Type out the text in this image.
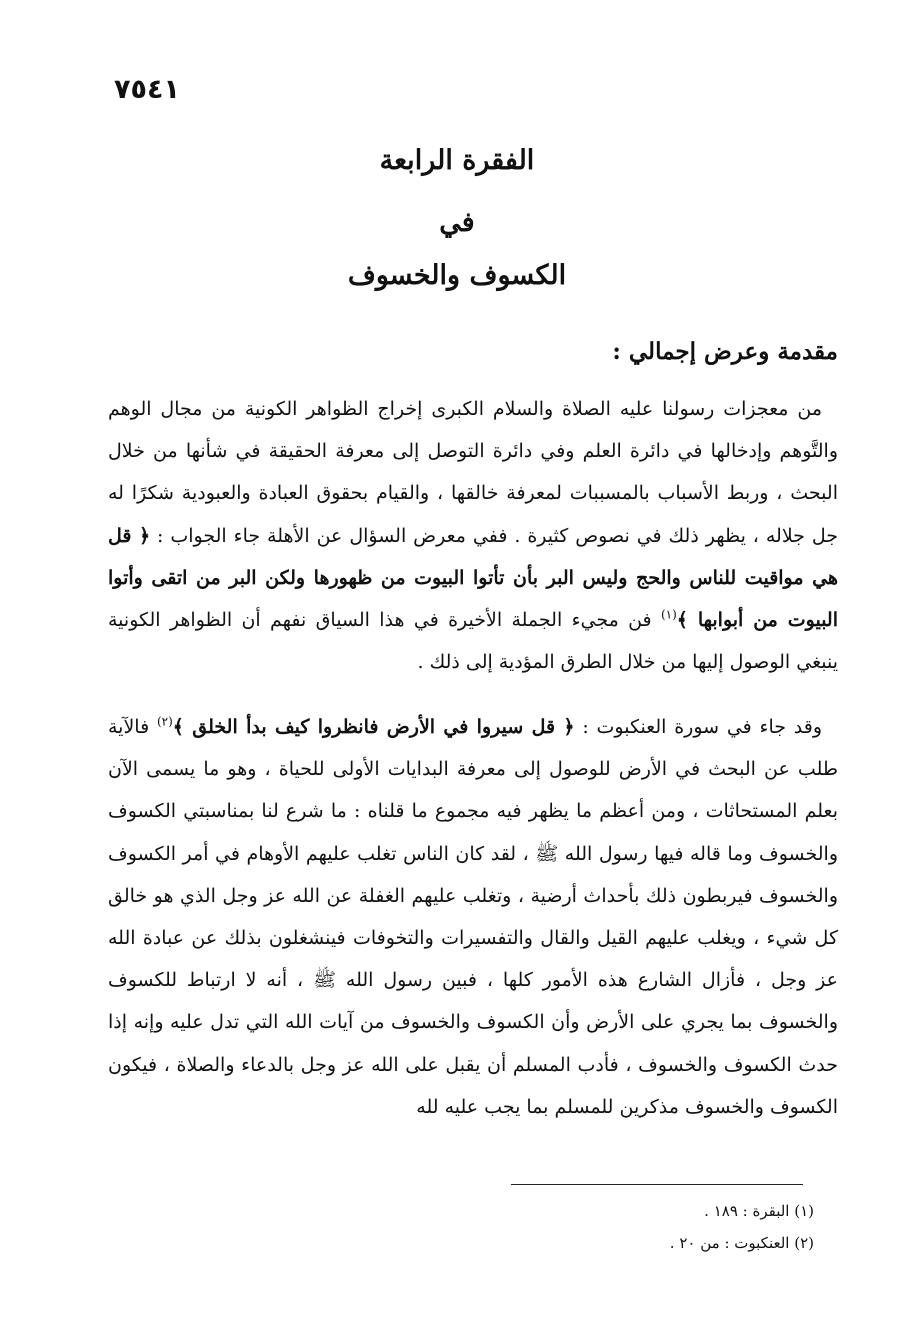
١٤٥٧
الفقرة الرابعة
في
الكسوف والخسوف
مقدمة وعرض إجمالي :
من معجزات رسولنا عليه الصلاة والسلام الكبرى إخراج الظواهر الكونية من مجال الوهم والتَّوهم وإدخالها في دائرة العلم وفي دائرة التوصل إلى معرفة الحقيقة في شأنها من خلال البحث ، وربط الأسباب بالمسببات لمعرفة خالقها ، والقيام بحقوق العبادة والعبودية شكرًا له جل جلاله ، يظهر ذلك في نصوص كثيرة . ففي معرض السؤال عن الأهلة جاء الجواب : ﴿ قل هي مواقيت للناس والحج وليس البر بأن تأتوا البيوت من ظهورها ولكن البر من اتقى وأتوا البيوت من أبوابها ﴾$^{(١)}$ فن مجيء الجملة الأخيرة في هذا السياق نفهم أن الظواهر الكونية ينبغي الوصول إليها من خلال الطرق المؤدية إلى ذلك .
وقد جاء في سورة العنكبوت : ﴿ قل سيروا في الأرض فانظروا كيف بدأ الخلق ﴾$^{(٢)}$ فالآية طلب عن البحث في الأرض للوصول إلى معرفة البدايات الأولى للحياة ، وهو ما يسمى الآن بعلم المستحاثات ، ومن أعظم ما يظهر فيه مجموع ما قلناه : ما شرع لنا بمناسبتي الكسوف والخسوف وما قاله فيها رسول الله ﷺ ، لقد كان الناس تغلب عليهم الأوهام في أمر الكسوف والخسوف فيربطون ذلك بأحداث أرضية ، وتغلب عليهم الغفلة عن الله عز وجل الذي هو خالق كل شيء ، ويغلب عليهم القيل والقال والتفسيرات والتخوفات فينشغلون بذلك عن عبادة الله عز وجل ، فأزال الشارع هذه الأمور كلها ، فبين رسول الله ﷺ ، أنه لا ارتباط للكسوف والخسوف بما يجري على الأرض وأن الكسوف والخسوف من آيات الله التي تدل عليه وإنه إذا حدث الكسوف والخسوف ، فأدب المسلم أن يقبل على الله عز وجل بالدعاء والصلاة ، فيكون الكسوف والخسوف مذكرين للمسلم بما يجب عليه لله
(١) البقرة : ١٨٩ .
(٢) العنكبوت : من ٢٠ .
